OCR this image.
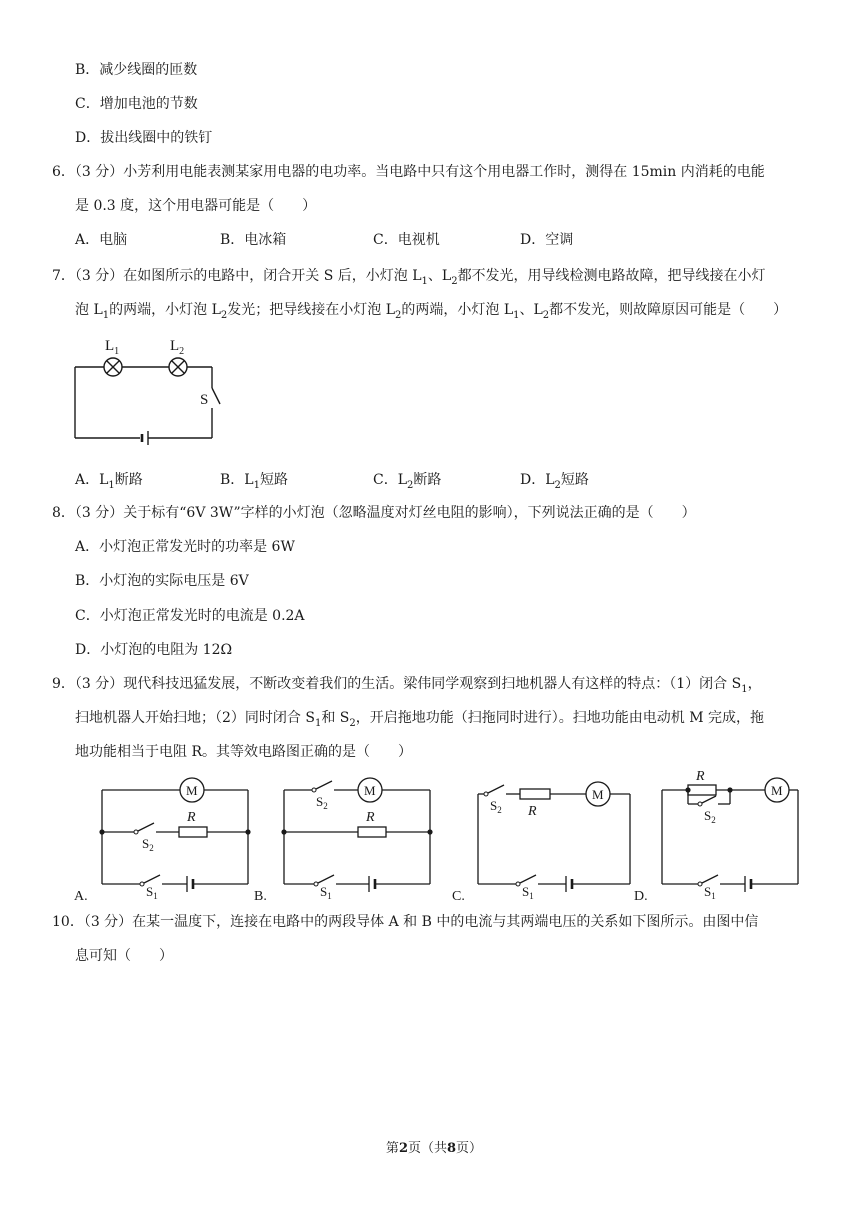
B．减少线圈的匝数
C．增加电池的节数
D．拔出线圈中的铁钉
6．（3 分）小芳利用电能表测某家用电器的电功率。当电路中只有这个用电器工作时，测得在 15min 内消耗的电能
是 0.3 度，这个用电器可能是（　　）
A．电脑	B．电冰箱	C．电视机	D．空调
7．（3 分）在如图所示的电路中，闭合开关 S 后，小灯泡 $L_1$、$L_2$都不发光，用导线检测电路故障，把导线接在小灯
泡 $L_1$的两端，小灯泡 $L_2$发光；把导线接在小灯泡 $L_2$的两端，小灯泡 $L_1$、$L_2$都不发光，则故障原因可能是（　　）
$L_1$	$L_2$
S
A．$L_1$断路	B．$L_1$短路	C．$L_2$断路	D．$L_2$短路
8．（3 分）关于标有“6V 3W”字样的小灯泡（忽略温度对灯丝电阻的影响），下列说法正确的是（　　）
A．小灯泡正常发光时的功率是 6W
B．小灯泡的实际电压是 6V
C．小灯泡正常发光时的电流是 0.2A
D．小灯泡的电阻为 12Ω
9．（3 分）现代科技迅猛发展，不断改变着我们的生活。梁伟同学观察到扫地机器人有这样的特点：（1）闭合 $S_1$，
扫地机器人开始扫地；（2）同时闭合 $S_1$和 $S_2$，开启拖地功能（扫拖同时进行）。扫地功能由电动机 M 完成，拖
地功能相当于电阻 R。其等效电路图正确的是（　　）
M
R
$S_2$
$S_1$
A.
M
R
$S_2$
$S_1$
B.
M
R
$S_2$
$S_1$
C.
M
R
$S_2$
$S_1$
D.
10．（3 分）在某一温度下，连接在电路中的两段导体 A 和 B 中的电流与其两端电压的关系如下图所示。由图中信
息可知（　　）
第2页（共8页）
